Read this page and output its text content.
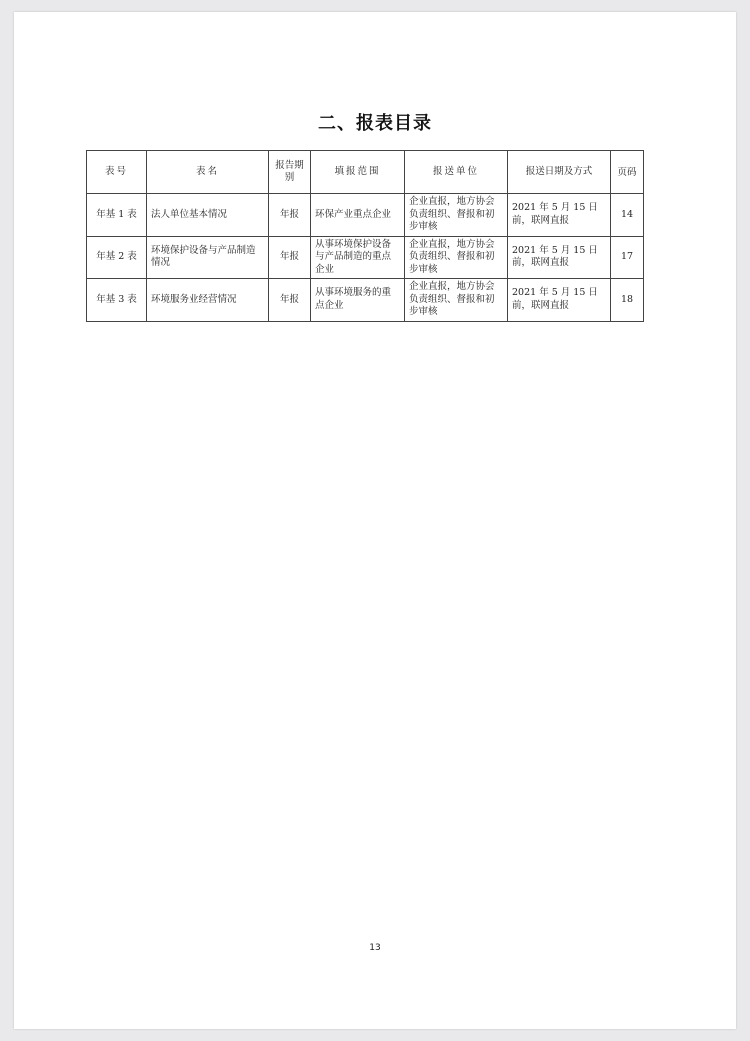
二、报表目录
表号	表名	报告期别	填报范围	报送单位	报送日期及方式	页码

年基 1 表	法人单位基本情况	年报	环保产业重点企业	企业直报，地方协会负责组织、督报和初步审核	2021 年 5 月 15 日前，联网直报	14
年基 2 表	环境保护设备与产品制造情况	年报	从事环境保护设备与产品制造的重点企业	企业直报，地方协会负责组织、督报和初步审核	2021 年 5 月 15 日前，联网直报	17
年基 3 表	环境服务业经营情况	年报	从事环境服务的重点企业	企业直报，地方协会负责组织、督报和初步审核	2021 年 5 月 15 日前，联网直报	18
13
